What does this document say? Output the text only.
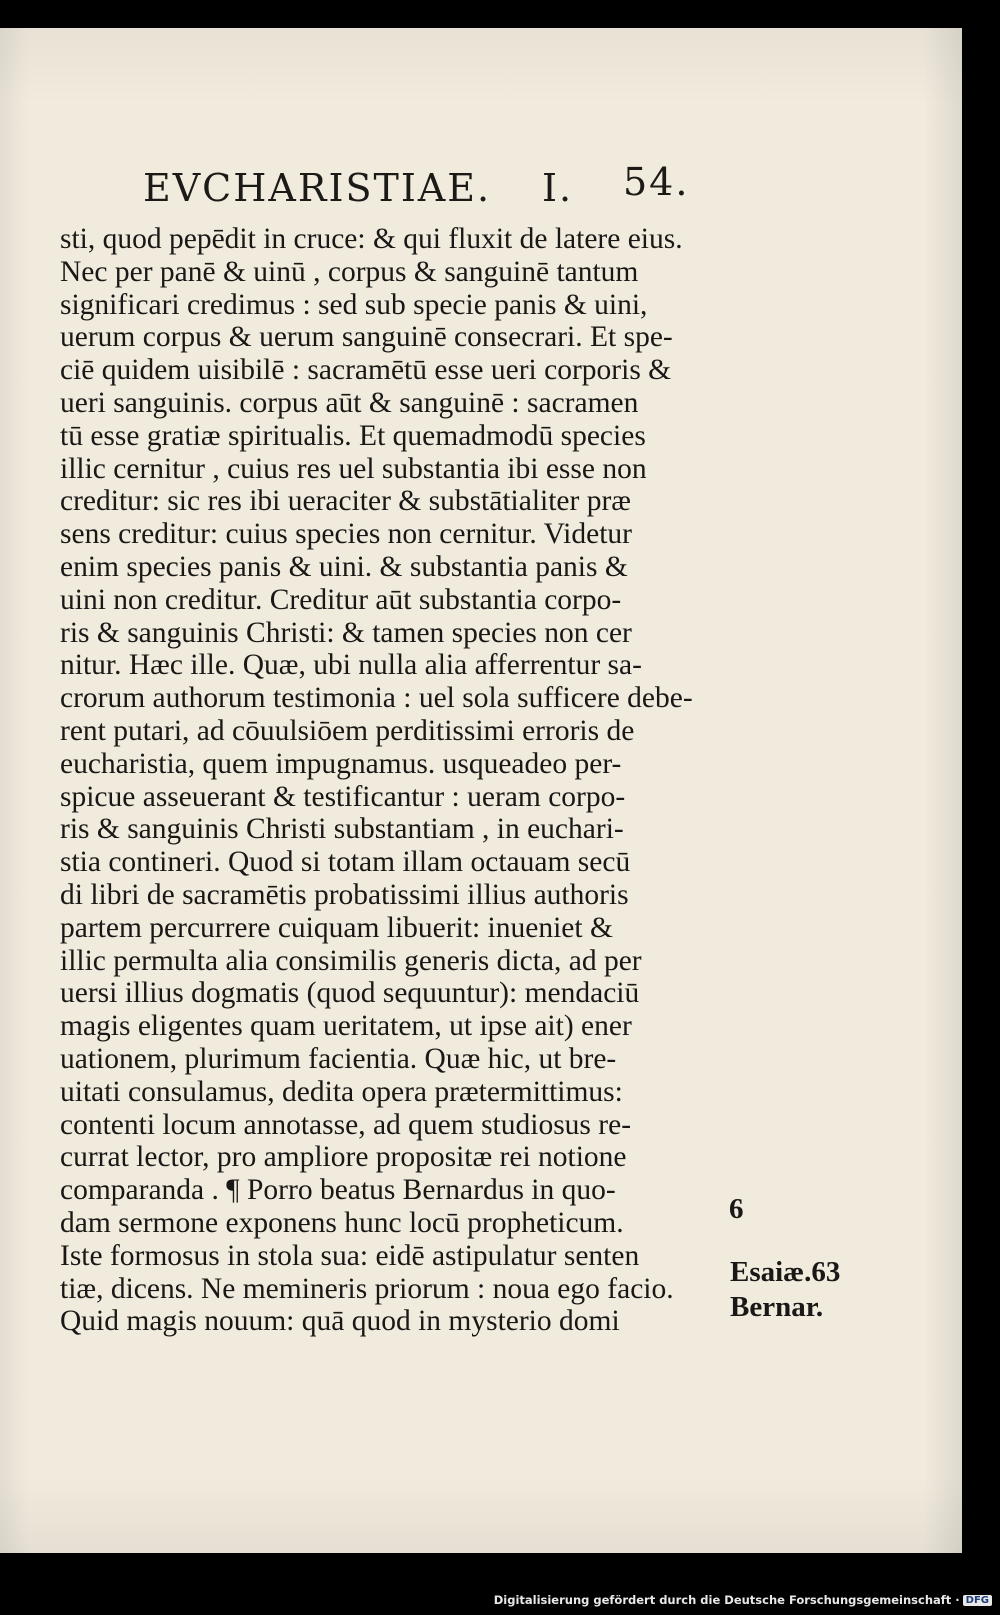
EVCHARISTIAE. I. 54.
sti, quod pepēdit in cruce: & qui fluxit de latere eius.
Nec per panē & uinū , corpus & sanguinē tantum
significari credimus : sed sub specie panis & uini,
uerum corpus & uerum sanguinē consecrari. Et spe-
ciē quidem uisibilē : sacramētū esse ueri corporis &
ueri sanguinis. corpus aūt & sanguinē : sacramen
tū esse gratiæ spiritualis. Et quemadmodū species
illic cernitur , cuius res uel substantia ibi esse non
creditur: sic res ibi ueraciter & substātialiter præ
sens creditur: cuius species non cernitur. Videtur
enim species panis & uini. & substantia panis &
uini non creditur. Creditur aūt substantia corpo-
ris & sanguinis Christi: & tamen species non cer
nitur. Hæc ille. Quæ, ubi nulla alia afferrentur sa-
crorum authorum testimonia : uel sola sufficere debe-
rent putari, ad cōuulsiōem perditissimi erroris de
eucharistia, quem impugnamus. usqueadeo per-
spicue asseuerant & testificantur : ueram corpo-
ris & sanguinis Christi substantiam , in euchari-
stia contineri. Quod si totam illam octauam secū
di libri de sacramētis probatissimi illius authoris
partem percurrere cuiquam libuerit: inueniet &
illic permulta alia consimilis generis dicta, ad per
uersi illius dogmatis (quod sequuntur): mendaciū
magis eligentes quam ueritatem, ut ipse ait) ener
uationem, plurimum facientia. Quæ hic, ut bre-
uitati consulamus, dedita opera prætermittimus:
contenti locum annotasse, ad quem studiosus re-
currat lector, pro ampliore propositæ rei notione
comparanda . ¶ Porro beatus Bernardus in quo-
dam sermone exponens hunc locū propheticum.
Iste formosus in stola sua: eidē astipulatur senten
tiæ, dicens. Ne memineris priorum : noua ego facio.
Quid magis nouum: quā quod in mysterio domi
6
Esaiæ.63
Bernar.
Digitalisierung gefördert durch die Deutsche Forschungsgemeinschaft · DFG
